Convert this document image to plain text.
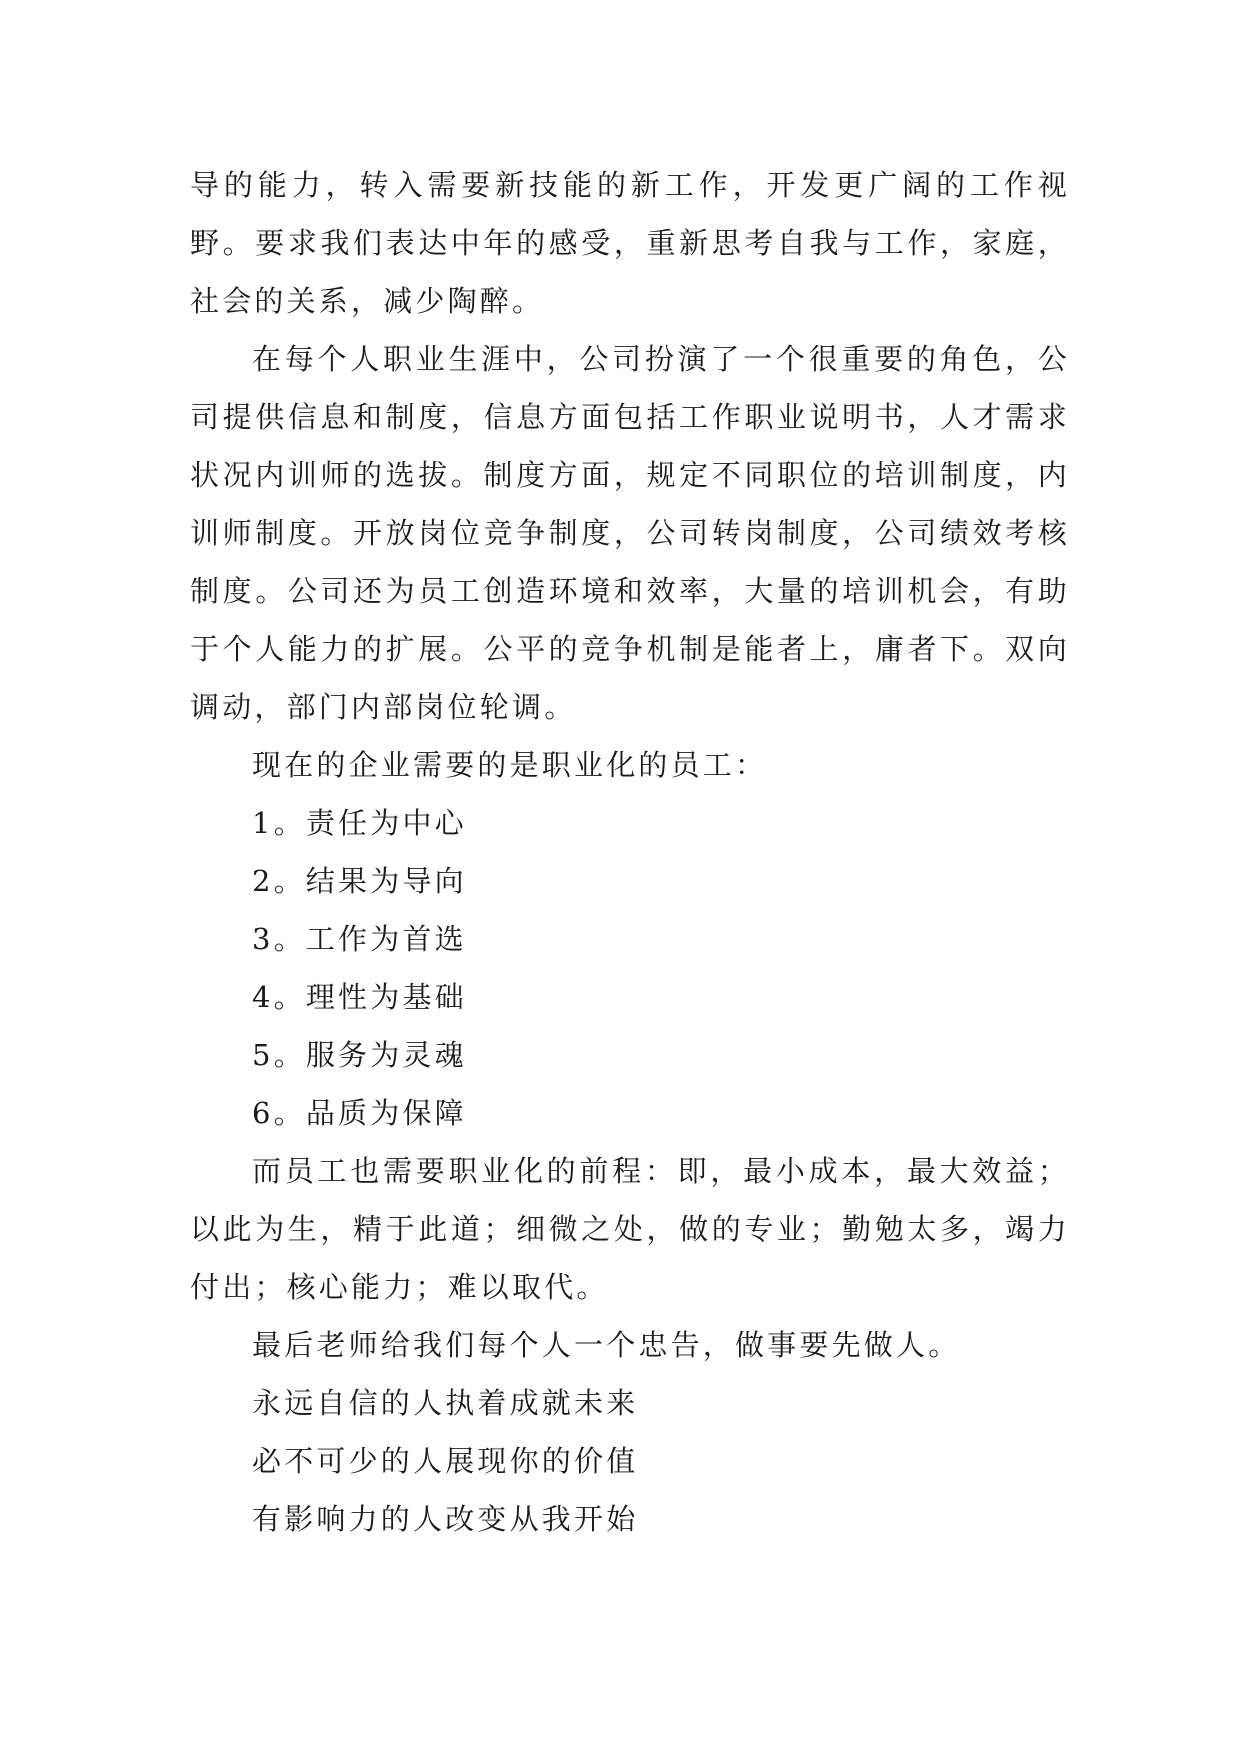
导的能力，转入需要新技能的新工作，开发更广阔的工作视野。要求我们表达中年的感受，重新思考自我与工作，家庭，社会的关系，减少陶醉。

在每个人职业生涯中，公司扮演了一个很重要的角色，公司提供信息和制度，信息方面包括工作职业说明书，人才需求状况内训师的选拔。制度方面，规定不同职位的培训制度，内训师制度。开放岗位竞争制度，公司转岗制度，公司绩效考核制度。公司还为员工创造环境和效率，大量的培训机会，有助于个人能力的扩展。公平的竞争机制是能者上，庸者下。双向调动，部门内部岗位轮调。

现在的企业需要的是职业化的员工：

1。责任为中心

2。结果为导向

3。工作为首选

4。理性为基础

5。服务为灵魂

6。品质为保障

而员工也需要职业化的前程：即，最小成本，最大效益；以此为生，精于此道；细微之处，做的专业；勤勉太多，竭力付出；核心能力；难以取代。

最后老师给我们每个人一个忠告，做事要先做人。

永远自信的人执着成就未来

必不可少的人展现你的价值

有影响力的人改变从我开始
